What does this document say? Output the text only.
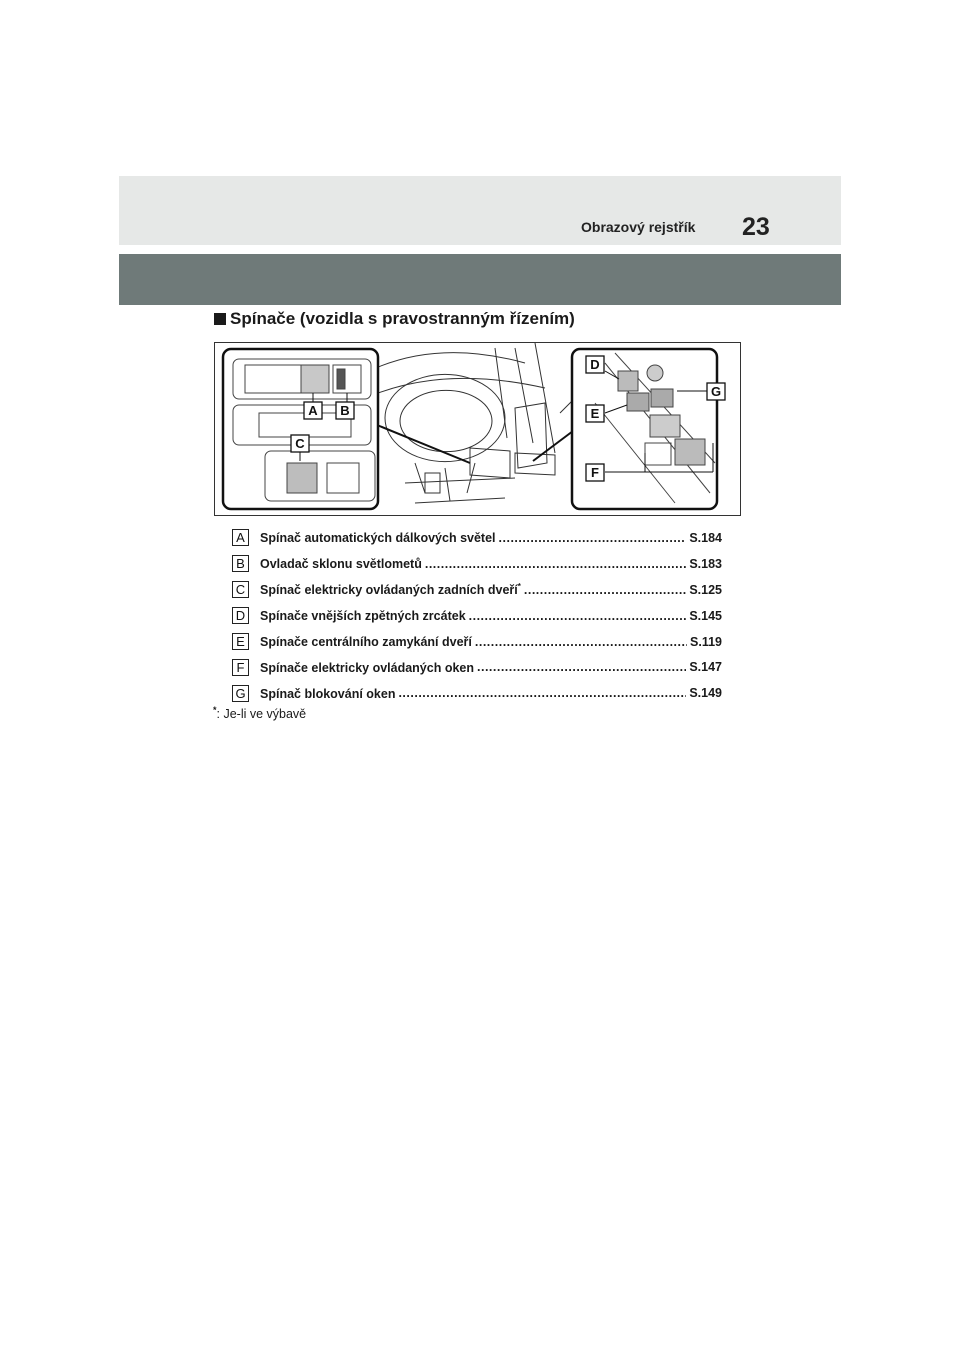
Obrazový rejstřík 23
Spínače (vozidla s pravostranným řízením)
A B
C
D
E
F
G
A	Spínač automatických dálkových světel .....	S.184
B	Ovladač sklonu světlometů .....	S.183
C	Spínač elektricky ovládaných zadních dveří* .....	S.125
D	Spínače vnějších zpětných zrcátek .....	S.145
E	Spínače centrálního zamykání dveří .....	S.119
F	Spínače elektricky ovládaných oken .....	S.147
G Spínač blokování oken .....	S.149
*: Je-li ve výbavě
